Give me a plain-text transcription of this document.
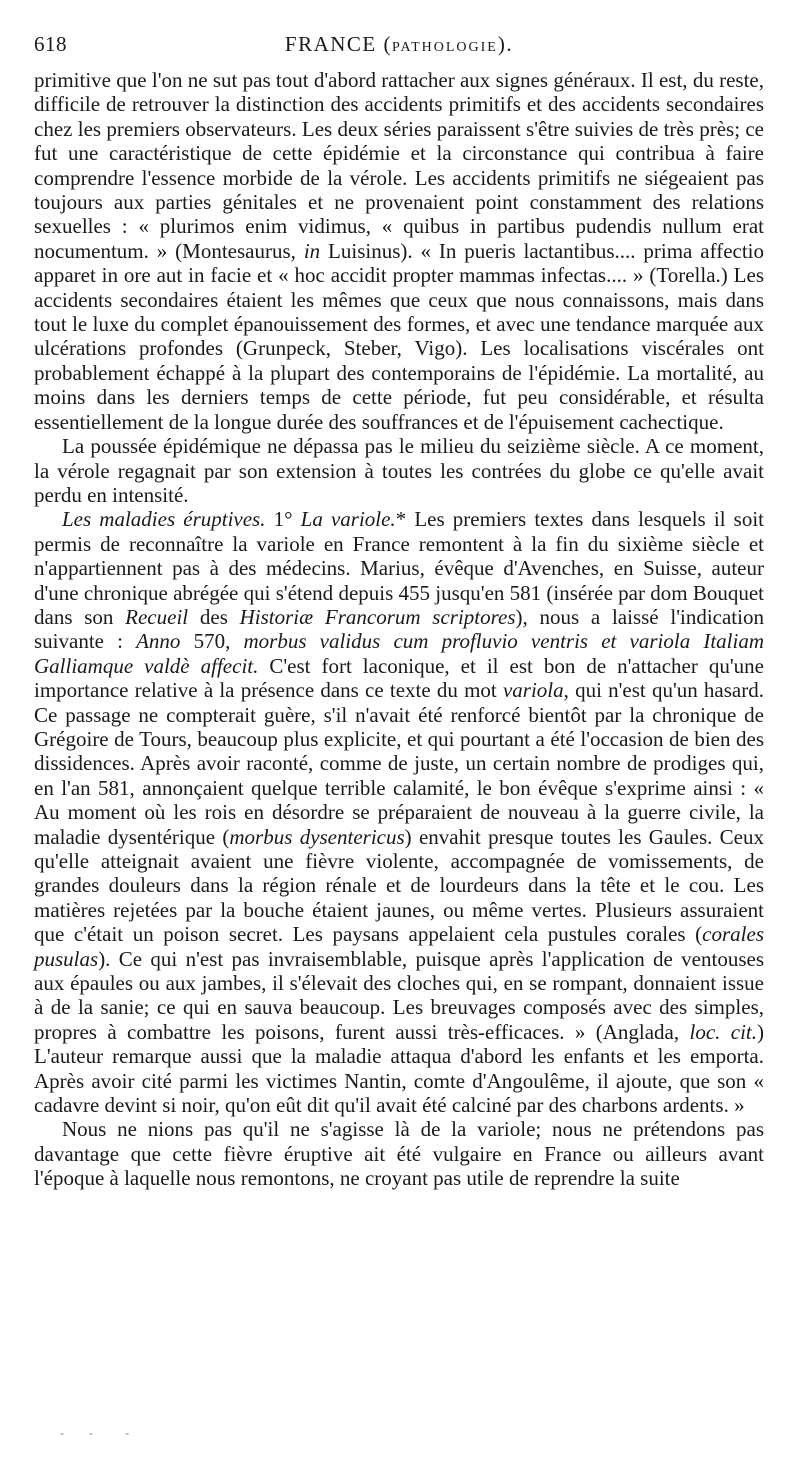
618	FRANCE (PATHOLOGIE).

primitive que l'on ne sut pas tout d'abord rattacher aux signes généraux. Il est, du reste, difficile de retrouver la distinction des accidents primitifs et des accidents secondaires chez les premiers observateurs. Les deux séries paraissent s'être suivies de très près; ce fut une caractéristique de cette épidémie et la circonstance qui contribua à faire comprendre l'essence morbide de la vérole. Les accidents primitifs ne siégeaient pas toujours aux parties génitales et ne provenaient point constamment des relations sexuelles : « plurimos enim vidimus, « quibus in partibus pudendis nullum erat nocumentum. » (Montesaurus, in Luisinus). « In pueris lactantibus.... prima affectio apparet in ore aut in facie et « hoc accidit propter mammas infectas.... » (Torella.) Les accidents secondaires étaient les mêmes que ceux que nous connaissons, mais dans tout le luxe du complet épanouissement des formes, et avec une tendance marquée aux ulcérations profondes (Grunpeck, Steber, Vigo). Les localisations viscérales ont probablement échappé à la plupart des contemporains de l'épidémie. La mortalité, au moins dans les derniers temps de cette période, fut peu considérable, et résulta essentiellement de la longue durée des souffrances et de l'épuisement cachectique.

La poussée épidémique ne dépassa pas le milieu du seizième siècle. A ce moment, la vérole regagnait par son extension à toutes les contrées du globe ce qu'elle avait perdu en intensité.

Les maladies éruptives. 1° La variole.* Les premiers textes dans lesquels il soit permis de reconnaître la variole en France remontent à la fin du sixième siècle et n'appartiennent pas à des médecins. Marius, évêque d'Avenches, en Suisse, auteur d'une chronique abrégée qui s'étend depuis 455 jusqu'en 581 (insérée par dom Bouquet dans son Recueil des Historiæ Francorum scriptores), nous a laissé l'indication suivante : Anno 570, morbus validus cum profluvio ventris et variola Italiam Galliamque valdè affecit. C'est fort laconique, et il est bon de n'attacher qu'une importance relative à la présence dans ce texte du mot variola, qui n'est qu'un hasard. Ce passage ne compterait guère, s'il n'avait été renforcé bientôt par la chronique de Grégoire de Tours, beaucoup plus explicite, et qui pourtant a été l'occasion de bien des dissidences. Après avoir raconté, comme de juste, un certain nombre de prodiges qui, en l'an 581, annonçaient quelque terrible calamité, le bon évêque s'exprime ainsi : « Au moment où les rois en désordre se préparaient de nouveau à la guerre civile, la maladie dysentérique (morbus dysentericus) envahit presque toutes les Gaules. Ceux qu'elle atteignait avaient une fièvre violente, accompagnée de vomissements, de grandes douleurs dans la région rénale et de lourdeurs dans la tête et le cou. Les matières rejetées par la bouche étaient jaunes, ou même vertes. Plusieurs assuraient que c'était un poison secret. Les paysans appelaient cela pustules corales (corales pusulas). Ce qui n'est pas invraisemblable, puisque après l'application de ventouses aux épaules ou aux jambes, il s'élevait des cloches qui, en se rompant, donnaient issue à de la sanie; ce qui en sauva beaucoup. Les breuvages composés avec des simples, propres à combattre les poisons, furent aussi très-efficaces. » (Anglada, loc. cit.) L'auteur remarque aussi que la maladie attaqua d'abord les enfants et les emporta. Après avoir cité parmi les victimes Nantin, comte d'Angoulême, il ajoute, que son « cadavre devint si noir, qu'on eût dit qu'il avait été calciné par des charbons ardents. »

Nous ne nions pas qu'il ne s'agisse là de la variole; nous ne prétendons pas davantage que cette fièvre éruptive ait été vulgaire en France ou ailleurs avant l'époque à laquelle nous remontons, ne croyant pas utile de reprendre la suite

-   -    -
